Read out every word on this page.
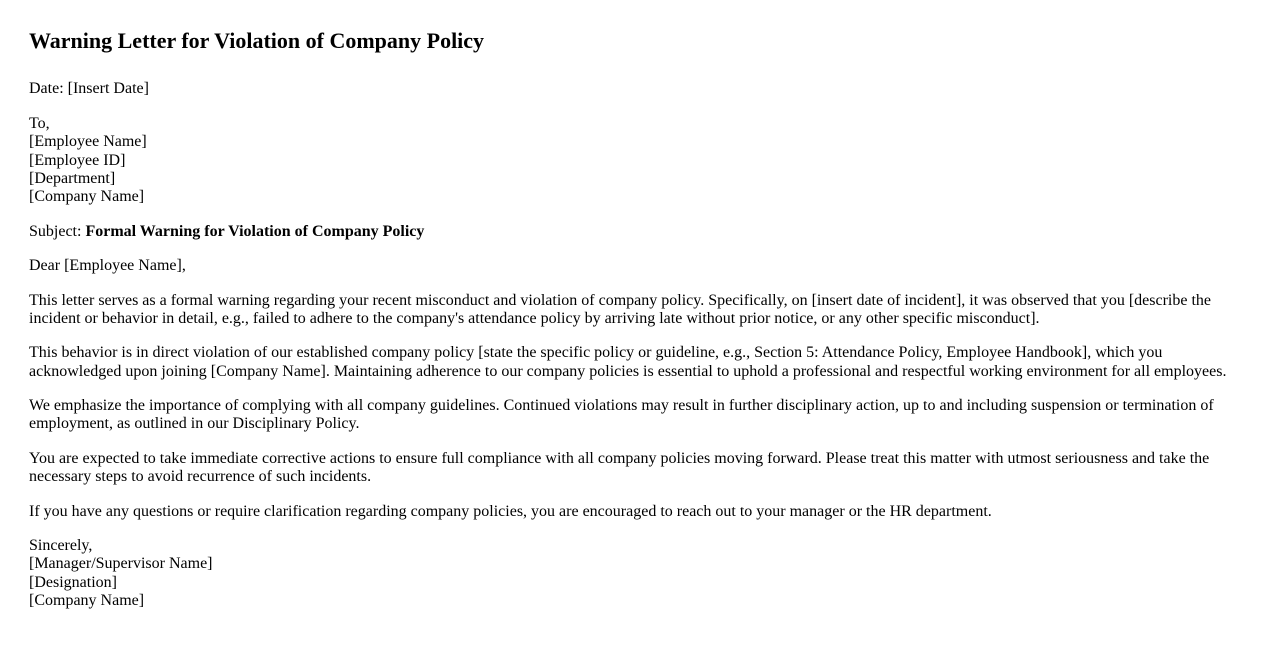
Warning Letter for Violation of Company Policy

Date: [Insert Date]

To,
[Employee Name]
[Employee ID]
[Department]
[Company Name]

Subject: Formal Warning for Violation of Company Policy

Dear [Employee Name],

This letter serves as a formal warning regarding your recent misconduct and violation of company policy. Specifically, on [insert date of incident], it was observed that you [describe the incident or behavior in detail, e.g., failed to adhere to the company's attendance policy by arriving late without prior notice, or any other specific misconduct].

This behavior is in direct violation of our established company policy [state the specific policy or guideline, e.g., Section 5: Attendance Policy, Employee Handbook], which you acknowledged upon joining [Company Name]. Maintaining adherence to our company policies is essential to uphold a professional and respectful working environment for all employees.

We emphasize the importance of complying with all company guidelines. Continued violations may result in further disciplinary action, up to and including suspension or termination of employment, as outlined in our Disciplinary Policy.

You are expected to take immediate corrective actions to ensure full compliance with all company policies moving forward. Please treat this matter with utmost seriousness and take the necessary steps to avoid recurrence of such incidents.

If you have any questions or require clarification regarding company policies, you are encouraged to reach out to your manager or the HR department.

Sincerely,
[Manager/Supervisor Name]
[Designation]
[Company Name]
